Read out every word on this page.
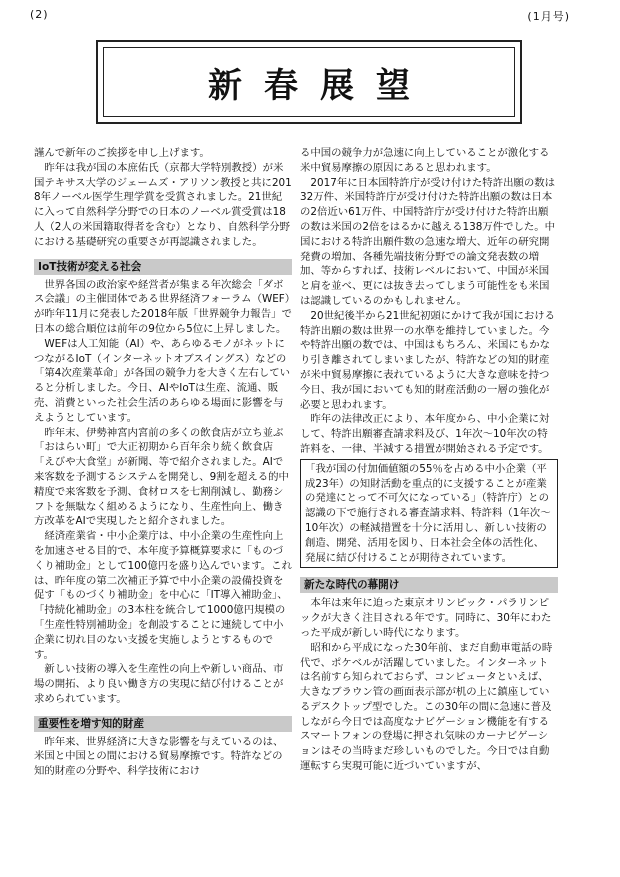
(2)	(1月号)
新春展望

謹んで新年のご挨拶を申し上げます。

昨年は我が国の本庶佑氏（京都大学特別教授）が米国テキサス大学のジェームズ・アリソン教授と共に2018年ノーベル医学生理学賞を受賞されました。21世紀に入って自然科学分野での日本のノーベル賞受賞は18人（2人の米国籍取得者を含む）となり、自然科学分野における基礎研究の重要さが再認識されました。

IoT技術が変える社会

世界各国の政治家や経営者が集まる年次総会「ダボス会議」の主催団体である世界経済フォーラム（WEF）が昨年11月に発表した2018年版「世界競争力報告」で日本の総合順位は前年の9位から5位に上昇しました。

WEFは人工知能（AI）や、あらゆるモノがネットにつながるIoT（インターネットオブスイングス）などの「第4次産業革命」が各国の競争力を大きく左右していると分析しました。今日、AIやIoTは生産、流通、販売、消費といった社会生活のあらゆる場面に影響を与えようとしています。

昨年末、伊勢神宮内宮前の多くの飲食店が立ち並ぶ「おはらい町」で大正初期から百年余り続く飲食店「えびや大食堂」が新聞、等で紹介されました。AIで来客数を予測するシステムを開発し、9割を超える的中精度で来客数を予測、食材ロスを七割削減し、勤務シフトを無駄なく組めるようになり、生産性向上、働き方改革をAIで実現したと紹介されました。

経済産業省・中小企業庁は、中小企業の生産性向上を加速させる目的で、本年度予算概算要求に「ものづくり補助金」として100億円を盛り込んでいます。これは、昨年度の第二次補正予算で中小企業の設備投資を促す「ものづくり補助金」を中心に「IT導入補助金」、「持続化補助金」の3本柱を統合して1000億円規模の「生産性特別補助金」を創設することに連続して中小企業に切れ目のない支援を実施しようとするものです。

新しい技術の導入を生産性の向上や新しい商品、市場の開拓、より良い働き方の実現に結び付けることが求められています。

重要性を増す知的財産

昨年来、世界経済に大きな影響を与えているのは、米国と中国との間における貿易摩擦です。特許などの知的財産の分野や、科学技術におけ

る中国の競争力が急速に向上していることが激化する米中貿易摩擦の原因にあると思われます。

2017年に日本国特許庁が受け付けた特許出願の数は32万件、米国特許庁が受け付けた特許出願の数は日本の2倍近い61万件、中国特許庁が受け付けた特許出願の数は米国の2倍をはるかに越える138万件でした。中国における特許出願件数の急速な増大、近年の研究開発費の増加、各種先端技術分野での論文発表数の増加、等からすれば、技術レベルにおいて、中国が米国と肩を並べ、更には抜き去ってしまう可能性をも米国は認識しているのかもしれません。

20世紀後半から21世紀初頭にかけて我が国における特許出願の数は世界一の水準を維持していました。今や特許出願の数では、中国はもちろん、米国にもかなり引き離されてしまいましたが、特許などの知的財産が米中貿易摩擦に表れているように大きな意味を持つ今日、我が国においても知的財産活動の一層の強化が必要と思われます。

昨年の法律改正により、本年度から、中小企業に対して、特許出願審査請求料及び、1年次〜10年次の特許料を、一律、半減する措置が開始される予定です。

「我が国の付加価値額の55％を占める中小企業（平成23年）の知財活動を重点的に支援することが産業の発達にとって不可欠になっている」（特許庁）との認識の下で施行される審査請求料、特許料（1年次〜10年次）の軽減措置を十分に活用し、新しい技術の創造、開発、活用を図り、日本社会全体の活性化、発展に結び付けることが期待されています。

新たな時代の幕開け

本年は来年に迫った東京オリンピック・パラリンピックが大きく注目される年です。同時に、30年にわたった平成が新しい時代になります。

昭和から平成になった30年前、まだ自動車電話の時代で、ポケベルが活躍していました。インターネットは名前すら知られておらず、コンピュータといえば、大きなブラウン管の画面表示部が机の上に鎮座しているデスクトップ型でした。この30年の間に急速に普及しながら今日では高度なナビゲーション機能を有するスマートフォンの登場に押され気味のカーナビゲーションはその当時まだ珍しいものでした。今日では自動運転すら実現可能に近づいていますが、
